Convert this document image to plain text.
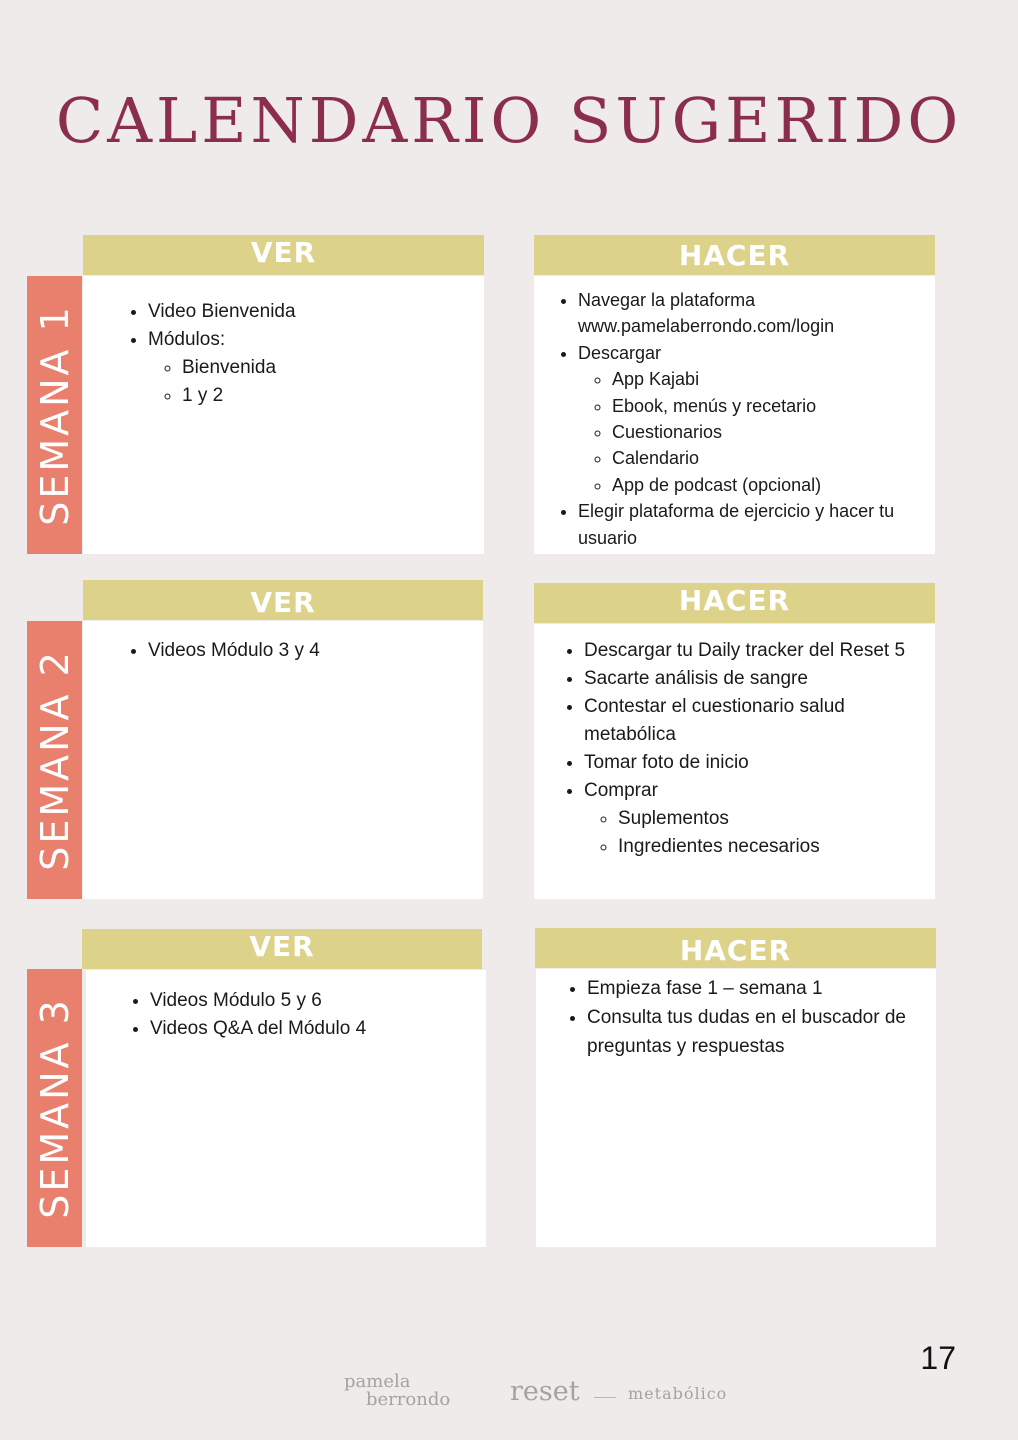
CALENDARIO SUGERIDO
SEMANA 1
VER
• Video Bienvenida
• Módulos:
◦ Bienvenida
◦ 1 y 2
HACER
• Navegar la plataforma www.pamelaberrondo.com/login
• Descargar
◦ App Kajabi
◦ Ebook, menús y recetario
◦ Cuestionarios
◦ Calendario
◦ App de podcast (opcional)
• Elegir plataforma de ejercicio y hacer tu usuario
SEMANA 2
VER
• Videos Módulo 3 y 4
HACER
• Descargar tu Daily tracker del Reset 5
• Sacarte análisis de sangre
• Contestar el cuestionario salud metabólica
• Tomar foto de inicio
• Comprar
◦ Suplementos
◦ Ingredientes necesarios
SEMANA 3
VER
• Videos Módulo 5 y 6
• Videos Q&A del Módulo 4
HACER
• Empieza fase 1 – semana 1
• Consulta tus dudas en el buscador de preguntas y respuestas
17
pamela
berrondo reset	metabólico
